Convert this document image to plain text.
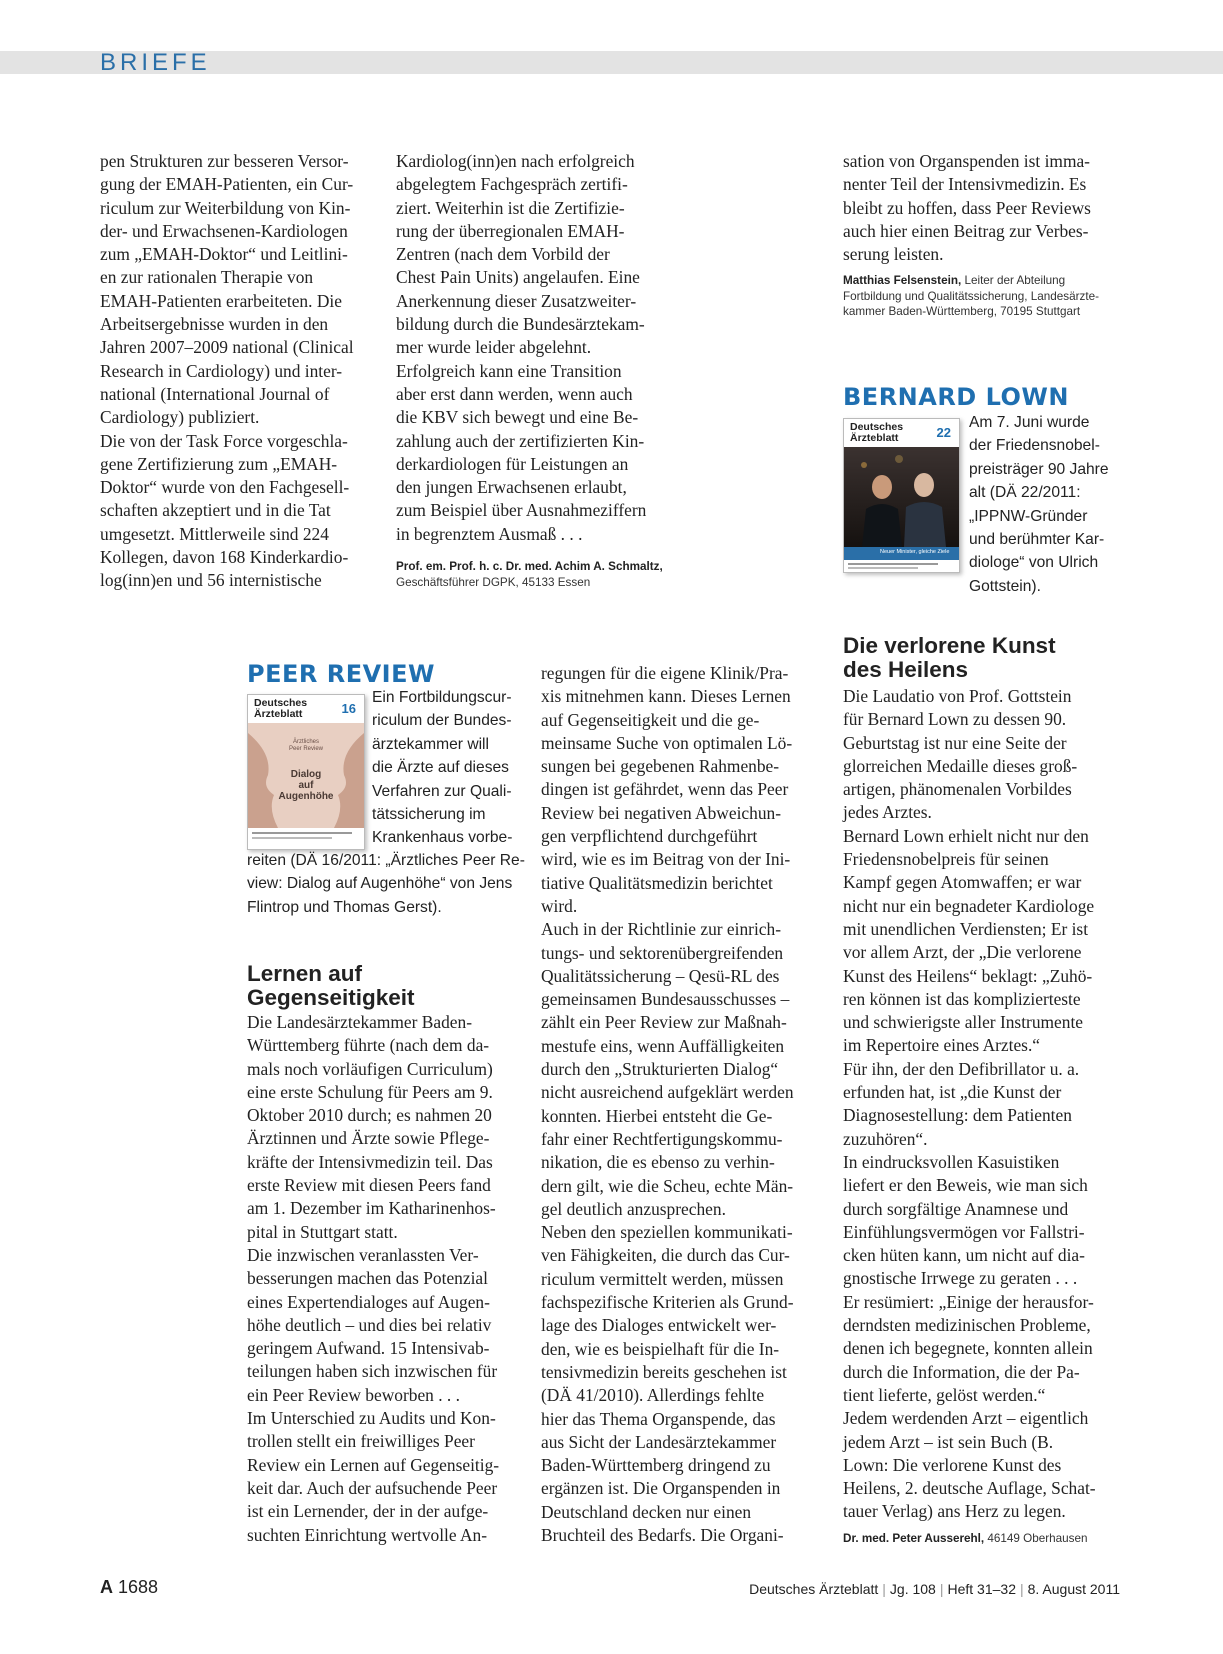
BRIEFE
pen Strukturen zur besseren Versor-
gung der EMAH-Patienten, ein Cur-
riculum zur Weiterbildung von Kin-
der- und Erwachsenen-Kardiologen
zum „EMAH-Doktor“ und Leitlini-
en zur rationalen Therapie von
EMAH-Patienten erarbeiteten. Die
Arbeitsergebnisse wurden in den
Jahren 2007–2009 national (Clinical
Research in Cardiology) und inter-
national (International Journal of
Cardiology) publiziert.
Die von der Task Force vorgeschla-
gene Zertifizierung zum „EMAH-
Doktor“ wurde von den Fachgesell-
schaften akzeptiert und in die Tat
umgesetzt. Mittlerweile sind 224
Kollegen, davon 168 Kinderkardio-
log(inn)en und 56 internistische
Kardiolog(inn)en nach erfolgreich
abgelegtem Fachgespräch zertifi-
ziert. Weiterhin ist die Zertifizie-
rung der überregionalen EMAH-
Zentren (nach dem Vorbild der
Chest Pain Units) angelaufen. Eine
Anerkennung dieser Zusatzweiter-
bildung durch die Bundesärztekam-
mer wurde leider abgelehnt.
Erfolgreich kann eine Transition
aber erst dann werden, wenn auch
die KBV sich bewegt und eine Be-
zahlung auch der zertifizierten Kin-
derkardiologen für Leistungen an
den jungen Erwachsenen erlaubt,
zum Beispiel über Ausnahmeziffern
in begrenztem Ausmaß . . .
Prof. em. Prof. h. c. Dr. med. Achim A. Schmaltz,
Geschäftsführer DGPK, 45133 Essen
sation von Organspenden ist imma-
nenter Teil der Intensivmedizin. Es
bleibt zu hoffen, dass Peer Reviews
auch hier einen Beitrag zur Verbes-
serung leisten.
Matthias Felsenstein, Leiter der Abteilung
Fortbildung und Qualitätssicherung, Landesärzte-
kammer Baden-Württemberg, 70195 Stuttgart
BERNARD LOWN
Deutsches
Ärzteblatt	22
Neuer Minister, gleiche Ziele
Am 7. Juni wurde
der Friedensnobel-
preisträger 90 Jahre
alt (DÄ 22/2011:
„IPPNW-Gründer
und berühmter Kar-
diologe“ von Ulrich
Gottstein).
PEER REVIEW
Deutsches
Ärzteblatt	16
Ärztliches
Peer Review
Dialog
auf
Augenhöhe
Ein Fortbildungscur-
riculum der Bundes-
ärztekammer will
die Ärzte auf dieses
Verfahren zur Quali-
tätssicherung im
Krankenhaus vorbe-
reiten (DÄ 16/2011: „Ärztliches Peer Re-
view: Dialog auf Augenhöhe“ von Jens
Flintrop und Thomas Gerst).
Lernen auf
Gegenseitigkeit
Die Landesärztekammer Baden-
Württemberg führte (nach dem da-
mals noch vorläufigen Curriculum)
eine erste Schulung für Peers am 9.
Oktober 2010 durch; es nahmen 20
Ärztinnen und Ärzte sowie Pflege-
kräfte der Intensivmedizin teil. Das
erste Review mit diesen Peers fand
am 1. Dezember im Katharinenhos-
pital in Stuttgart statt.
Die inzwischen veranlassten Ver-
besserungen machen das Potenzial
eines Expertendialoges auf Augen-
höhe deutlich – und dies bei relativ
geringem Aufwand. 15 Intensivab-
teilungen haben sich inzwischen für
ein Peer Review beworben . . .
Im Unterschied zu Audits und Kon-
trollen stellt ein freiwilliges Peer
Review ein Lernen auf Gegenseitig-
keit dar. Auch der aufsuchende Peer
ist ein Lernender, der in der aufge-
suchten Einrichtung wertvolle An-
regungen für die eigene Klinik/Pra-
xis mitnehmen kann. Dieses Lernen
auf Gegenseitigkeit und die ge-
meinsame Suche von optimalen Lö-
sungen bei gegebenen Rahmenbe-
dingen ist gefährdet, wenn das Peer
Review bei negativen Abweichun-
gen verpflichtend durchgeführt
wird, wie es im Beitrag von der Ini-
tiative Qualitätsmedizin berichtet
wird.
Auch in der Richtlinie zur einrich-
tungs- und sektorenübergreifenden
Qualitätssicherung – Qesü-RL des
gemeinsamen Bundesausschusses –
zählt ein Peer Review zur Maßnah-
mestufe eins, wenn Auffälligkeiten
durch den „Strukturierten Dialog“
nicht ausreichend aufgeklärt werden
konnten. Hierbei entsteht die Ge-
fahr einer Rechtfertigungskommu-
nikation, die es ebenso zu verhin-
dern gilt, wie die Scheu, echte Män-
gel deutlich anzusprechen.
Neben den speziellen kommunikati-
ven Fähigkeiten, die durch das Cur-
riculum vermittelt werden, müssen
fachspezifische Kriterien als Grund-
lage des Dialoges entwickelt wer-
den, wie es beispielhaft für die In-
tensivmedizin bereits geschehen ist
(DÄ 41/2010). Allerdings fehlte
hier das Thema Organspende, das
aus Sicht der Landesärztekammer
Baden-Württemberg dringend zu
ergänzen ist. Die Organspenden in
Deutschland decken nur einen
Bruchteil des Bedarfs. Die Organi-
Die verlorene Kunst
des Heilens
Die Laudatio von Prof. Gottstein
für Bernard Lown zu dessen 90.
Geburtstag ist nur eine Seite der
glorreichen Medaille dieses groß-
artigen, phänomenalen Vorbildes
jedes Arztes.
Bernard Lown erhielt nicht nur den
Friedensnobelpreis für seinen
Kampf gegen Atomwaffen; er war
nicht nur ein begnadeter Kardiologe
mit unendlichen Verdiensten; Er ist
vor allem Arzt, der „Die verlorene
Kunst des Heilens“ beklagt: „Zuhö-
ren können ist das komplizierteste
und schwierigste aller Instrumente
im Repertoire eines Arztes.“
Für ihn, der den Defibrillator u. a.
erfunden hat, ist „die Kunst der
Diagnosestellung: dem Patienten
zuzuhören“.
In eindrucksvollen Kasuistiken
liefert er den Beweis, wie man sich
durch sorgfältige Anamnese und
Einfühlungsvermögen vor Fallstri-
cken hüten kann, um nicht auf dia-
gnostische Irrwege zu geraten . . .
Er resümiert: „Einige der herausfor-
derndsten medizinischen Probleme,
denen ich begegnete, konnten allein
durch die Information, die der Pa-
tient lieferte, gelöst werden.“
Jedem werdenden Arzt – eigentlich
jedem Arzt – ist sein Buch (B.
Lown: Die verlorene Kunst des
Heilens, 2. deutsche Auflage, Schat-
tauer Verlag) ans Herz zu legen.
Dr. med. Peter Ausserehl, 46149 Oberhausen
A 1688	Deutsches Ärzteblatt | Jg. 108 | Heft 31–32 | 8. August 2011
